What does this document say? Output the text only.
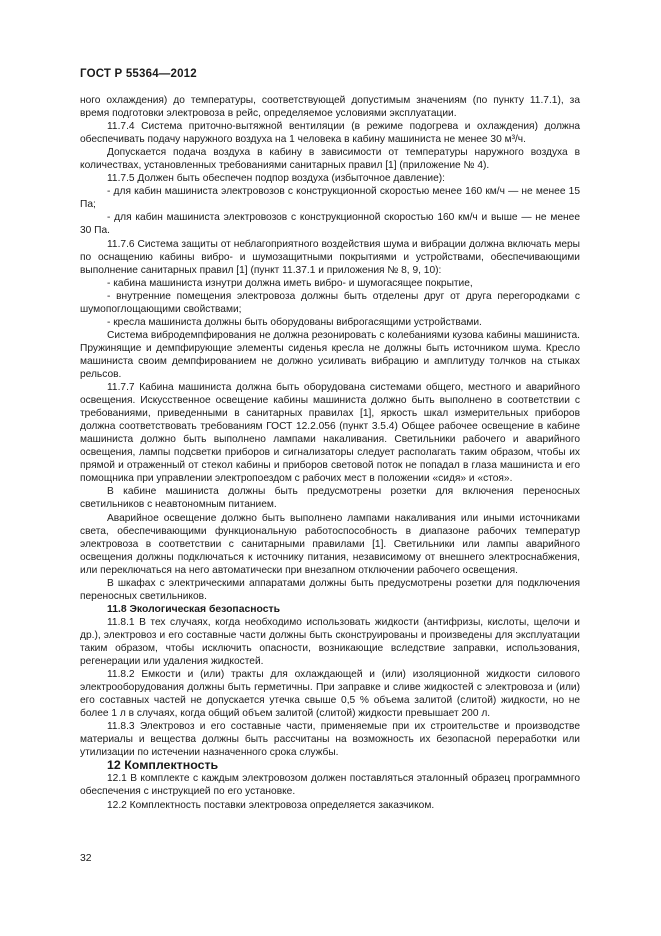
ГОСТ Р 55364—2012

ного охлаждения) до температуры, соответствующей допустимым значениям (по пункту 11.7.1), за время подготовки электровоза в рейс, определяемое условиями эксплуатации.

11.7.4 Система приточно-вытяжной вентиляции (в режиме подогрева и охлаждения) должна обеспечивать подачу наружного воздуха на 1 человека в кабину машиниста не менее 30 м³/ч.

Допускается подача воздуха в кабину в зависимости от температуры наружного воздуха в количествах, установленных требованиями санитарных правил [1] (приложение № 4).

11.7.5 Должен быть обеспечен подпор воздуха (избыточное давление):

- для кабин машиниста электровозов с конструкционной скоростью менее 160 км/ч — не менее 15 Па;

- для кабин машиниста электровозов с конструкционной скоростью 160 км/ч и выше — не менее 30 Па.

11.7.6 Система защиты от неблагоприятного воздействия шума и вибрации должна включать меры по оснащению кабины вибро- и шумозащитными покрытиями и устройствами, обеспечивающими выполнение санитарных правил [1] (пункт 11.37.1 и приложения № 8, 9, 10):

- кабина машиниста изнутри должна иметь вибро- и шумогасящее покрытие,

- внутренние помещения электровоза должны быть отделены друг от друга перегородками с шумопоглощающими свойствами;

- кресла машиниста должны быть оборудованы виброгасящими устройствами.

Система вибродемпфирования не должна резонировать с колебаниями кузова кабины машиниста. Пружинящие и демпфирующие элементы сиденья кресла не должны быть источником шума. Кресло машиниста своим демпфированием не должно усиливать вибрацию и амплитуду толчков на стыках рельсов.

11.7.7 Кабина машиниста должна быть оборудована системами общего, местного и аварийного освещения. Искусственное освещение кабины машиниста должно быть выполнено в соответствии с требованиями, приведенными в санитарных правилах [1], яркость шкал измерительных приборов должна соответствовать требованиям ГОСТ 12.2.056 (пункт 3.5.4) Общее рабочее освещение в кабине машиниста должно быть выполнено лампами накаливания. Светильники рабочего и аварийного освещения, лампы подсветки приборов и сигнализаторы следует располагать таким образом, чтобы их прямой и отраженный от стекол кабины и приборов световой поток не попадал в глаза машиниста и его помощника при управлении электропоездом с рабочих мест в положении «сидя» и «стоя».

В кабине машиниста должны быть предусмотрены розетки для включения переносных светильников с неавтономным питанием.

Аварийное освещение должно быть выполнено лампами накаливания или иными источниками света, обеспечивающими функциональную работоспособность в диапазоне рабочих температур электровоза в соответствии с санитарными правилами [1]. Светильники или лампы аварийного освещения должны подключаться к источнику питания, независимому от внешнего электроснабжения, или переключаться на него автоматически при внезапном отключении рабочего освещения.

В шкафах с электрическими аппаратами должны быть предусмотрены розетки для подключения переносных светильников.

11.8 Экологическая безопасность

11.8.1 В тех случаях, когда необходимо использовать жидкости (антифризы, кислоты, щелочи и др.), электровоз и его составные части должны быть сконструированы и произведены для эксплуатации таким образом, чтобы исключить опасности, возникающие вследствие заправки, использования, регенерации или удаления жидкостей.

11.8.2 Емкости и (или) тракты для охлаждающей и (или) изоляционной жидкости силового электрооборудования должны быть герметичны. При заправке и сливе жидкостей с электровоза и (или) его составных частей не допускается утечка свыше 0,5 % объема залитой (слитой) жидкости, но не более 1 л в случаях, когда общий объем залитой (слитой) жидкости превышает 200 л.

11.8.3 Электровоз и его составные части, применяемые при их строительстве и производстве материалы и вещества должны быть рассчитаны на возможность их безопасной переработки или утилизации по истечении назначенного срока службы.

12 Комплектность

12.1 В комплекте с каждым электровозом должен поставляться эталонный образец программного обеспечения с инструкцией по его установке.

12.2 Комплектность поставки электровоза определяется заказчиком.

32
